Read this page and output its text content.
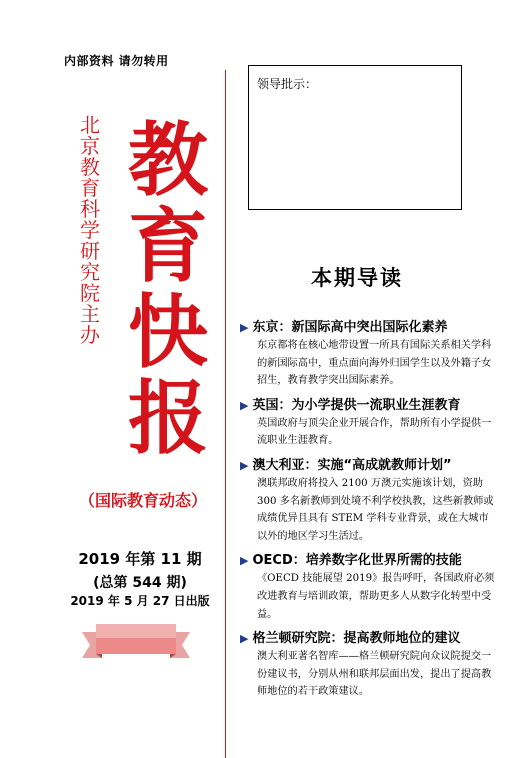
内部资料 请勿转用
北京教育科学研究院　主办
教育快报
（国际教育动态）
2019 年第 11 期
(总第 544 期)
2019 年 5 月 27 日出版
领导批示：
本期导读
▶ 东京：新国际高中突出国际化素养
东京都将在核心地带设置一所具有国际关系相关学科的新国际高中，重点面向海外归国学生以及外籍子女招生，教育教学突出国际素养。
▶ 英国：为小学提供一流职业生涯教育
英国政府与顶尖企业开展合作，帮助所有小学提供一流职业生涯教育。
▶ 澳大利亚：实施“高成就教师计划”
澳联邦政府将投入 2100 万澳元实施该计划，资助 300 多名新教师到处境不利学校执教，这些新教师或成绩优异且具有 STEM 学科专业背景，或在大城市以外的地区学习生活过。
▶ OECD：培养数字化世界所需的技能
《OECD 技能展望 2019》报告呼吁，各国政府必须改进教育与培训政策，帮助更多人从数字化转型中受益。
▶ 格兰顿研究院：提高教师地位的建议
澳大利亚著名智库——格兰顿研究院向众议院提交一份建议书，分别从州和联邦层面出发，提出了提高教师地位的若干政策建议。
